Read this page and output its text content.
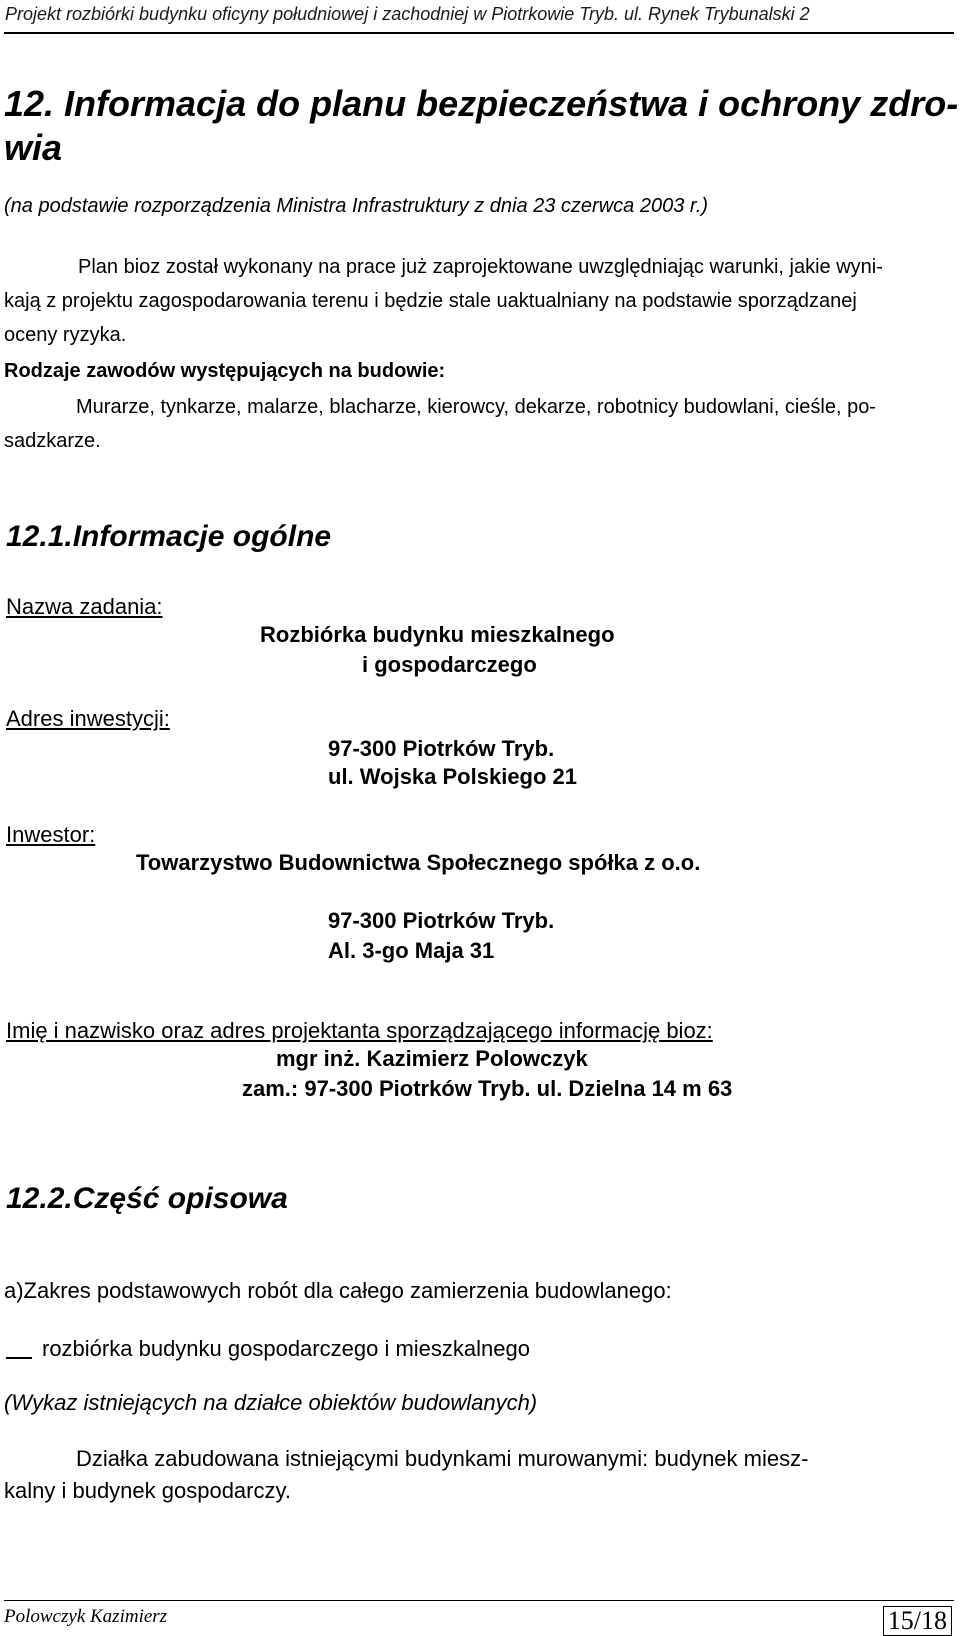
Projekt rozbiórki budynku oficyny południowej i zachodniej w Piotrkowie Tryb. ul. Rynek Trybunalski 2
12. Informacja do planu bezpieczeństwa i ochrony zdro-
wia
(na podstawie rozporządzenia Ministra Infrastruktury z dnia 23 czerwca 2003 r.)
Plan bioz został wykonany na prace już zaprojektowane uwzględniając warunki, jakie wyni-
kają z projektu zagospodarowania terenu i będzie stale uaktualniany na podstawie sporządzanej
oceny ryzyka.
Rodzaje zawodów występujących na budowie:
Murarze, tynkarze, malarze, blacharze, kierowcy, dekarze, robotnicy budowlani, cieśle, po-
sadzkarze.
12.1.Informacje ogólne
Nazwa zadania:
Rozbiórka budynku mieszkalnego
i gospodarczego
Adres inwestycji:
97-300 Piotrków Tryb.
ul. Wojska Polskiego 21
Inwestor:
Towarzystwo Budownictwa Społecznego spółka z o.o.
97-300 Piotrków Tryb.
Al. 3-go Maja 31
Imię i nazwisko oraz adres projektanta sporządzającego informację bioz:
mgr inż. Kazimierz Polowczyk
zam.: 97-300 Piotrków Tryb. ul. Dzielna 14 m 63
12.2.Część opisowa
a)Zakres podstawowych robót dla całego zamierzenia budowlanego:
rozbiórka budynku gospodarczego i mieszkalnego
(Wykaz istniejących na działce obiektów budowlanych)
Działka zabudowana istniejącymi budynkami murowanymi: budynek miesz-
kalny i budynek gospodarczy.
Polowczyk Kazimierz	15/18
